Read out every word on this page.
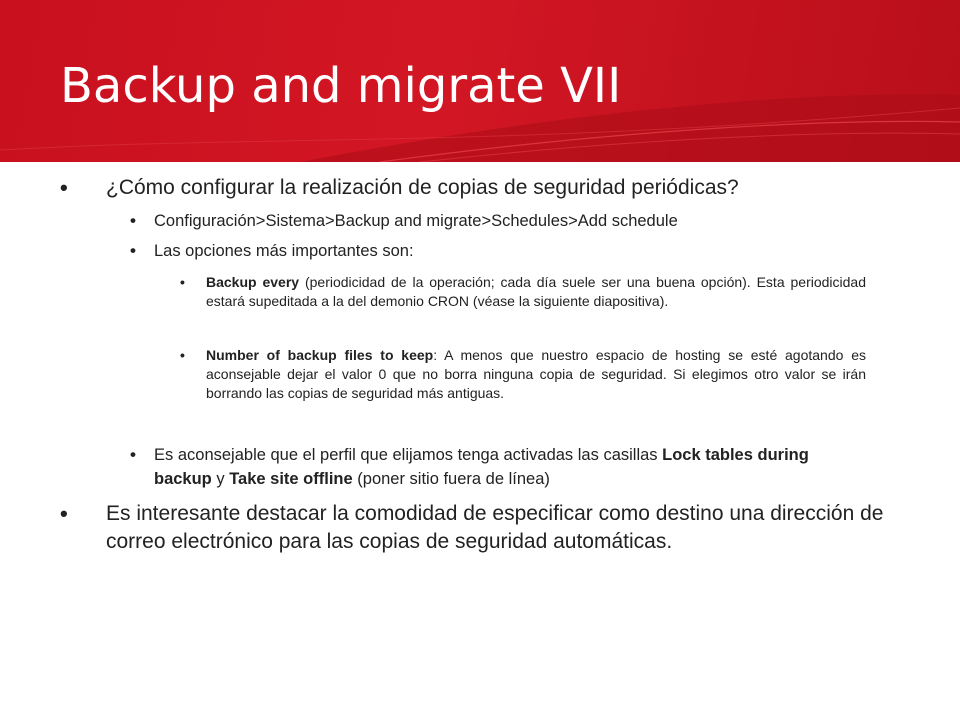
Backup and migrate VII
• ¿Cómo configurar la realización de copias de seguridad periódicas?
• Configuración>Sistema>Backup and migrate>Schedules>Add schedule
• Las opciones más importantes son:
• Backup every (periodicidad de la operación; cada día suele ser una buena opción). Esta periodicidad estará supeditada a la del demonio CRON (véase la siguiente diapositiva).
• Number of backup files to keep: A menos que nuestro espacio de hosting se esté agotando es aconsejable dejar el valor 0 que no borra ninguna copia de seguridad. Si elegimos otro valor se irán borrando las copias de seguridad más antiguas.
• Es aconsejable que el perfil que elijamos tenga activadas las casillas Lock tables during backup y Take site offline (poner sitio fuera de línea)
• Es interesante destacar la comodidad de especificar como destino una dirección de correo electrónico para las copias de seguridad automáticas.
